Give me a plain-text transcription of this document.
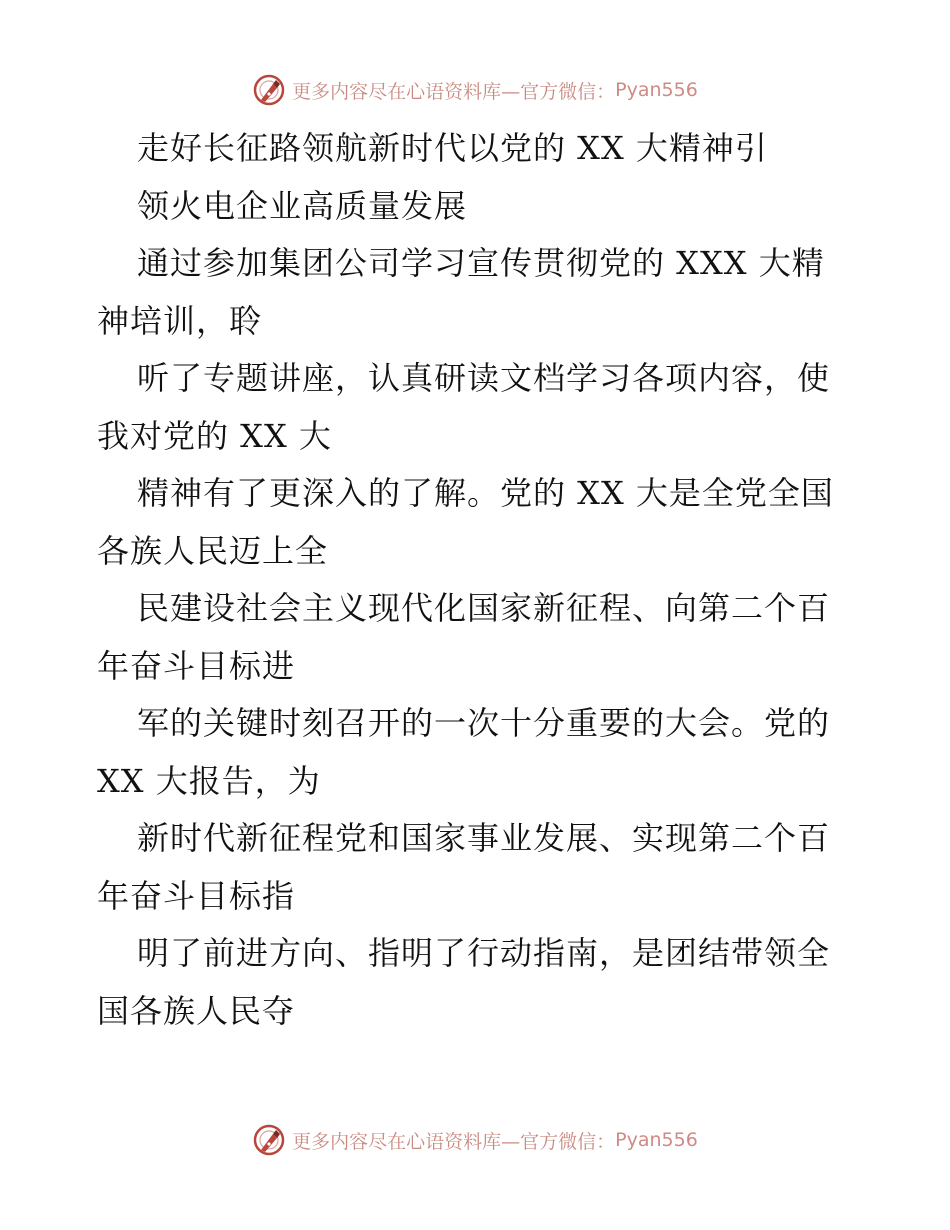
更多内容尽在心语资料库—官方微信： Pyan556
走好长征路领航新时代以党的 XX 大精神引
领火电企业高质量发展
通过参加集团公司学习宣传贯彻党的 XXX 大精
神培训，聆
听了专题讲座，认真研读文档学习各项内容，使
我对党的 XX 大
精神有了更深入的了解。党的 XX 大是全党全国
各族人民迈上全
民建设社会主义现代化国家新征程、向第二个百
年奋斗目标进
军的关键时刻召开的一次十分重要的大会。党的
XX 大报告，为
新时代新征程党和国家事业发展、实现第二个百
年奋斗目标指
明了前进方向、指明了行动指南，是团结带领全
国各族人民夺
更多内容尽在心语资料库—官方微信： Pyan556
